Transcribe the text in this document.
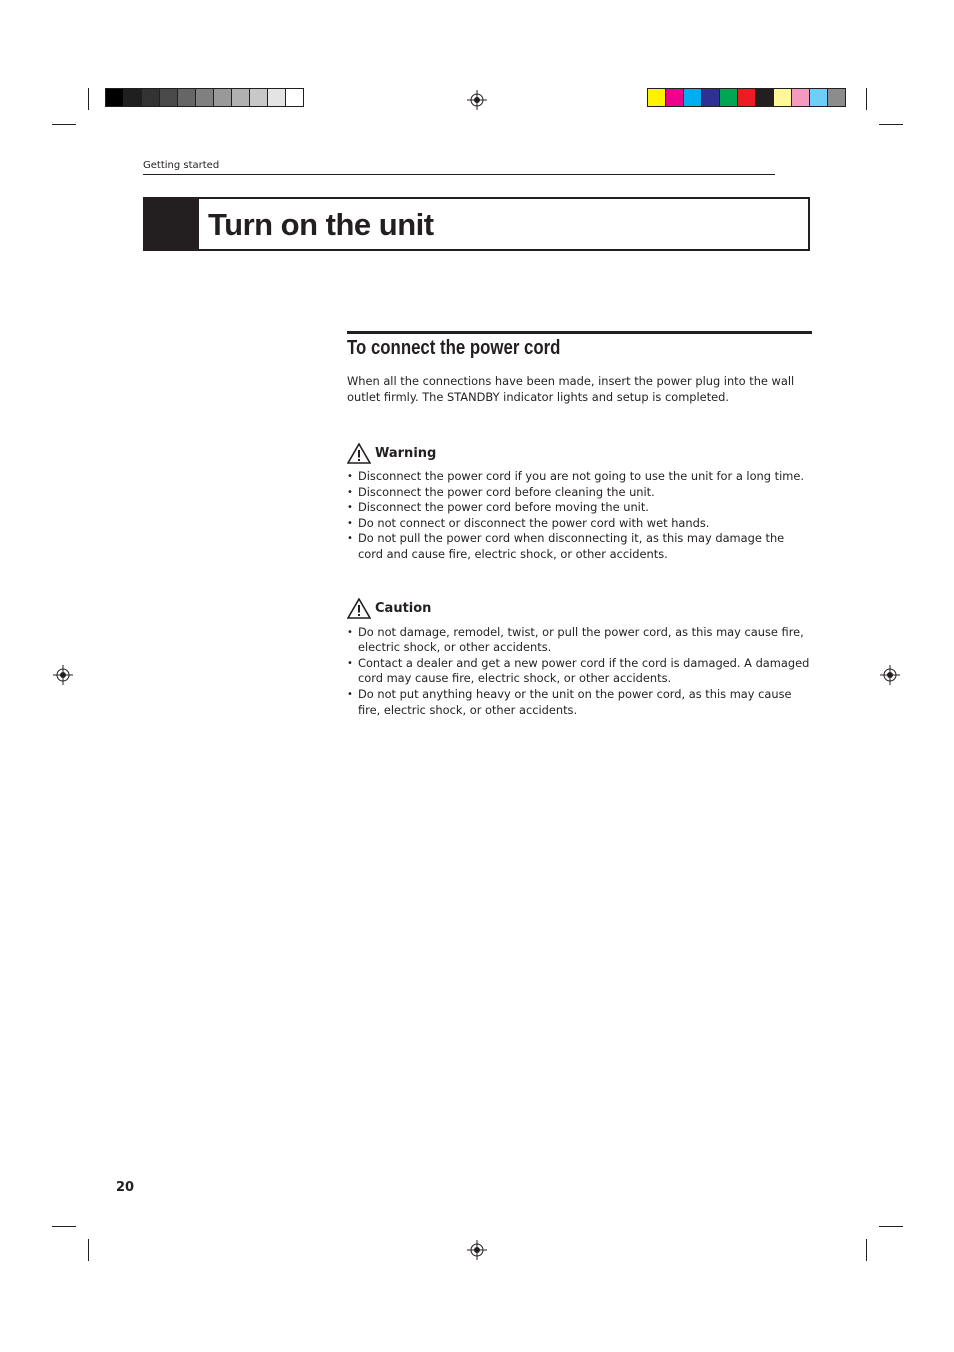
Getting started
Turn on the unit
To connect the power cord
When all the connections have been made, insert the power plug into the wall outlet firmly. The STANDBY indicator lights and setup is completed.
Warning
• Disconnect the power cord if you are not going to use the unit for a long time.
• Disconnect the power cord before cleaning the unit.
• Disconnect the power cord before moving the unit.
• Do not connect or disconnect the power cord with wet hands.
• Do not pull the power cord when disconnecting it, as this may damage the cord and cause fire, electric shock, or other accidents.
Caution
• Do not damage, remodel, twist, or pull the power cord, as this may cause fire, electric shock, or other accidents.
• Contact a dealer and get a new power cord if the cord is damaged. A damaged cord may cause fire, electric shock, or other accidents.
• Do not put anything heavy or the unit on the power cord, as this may cause fire, electric shock, or other accidents.
20
